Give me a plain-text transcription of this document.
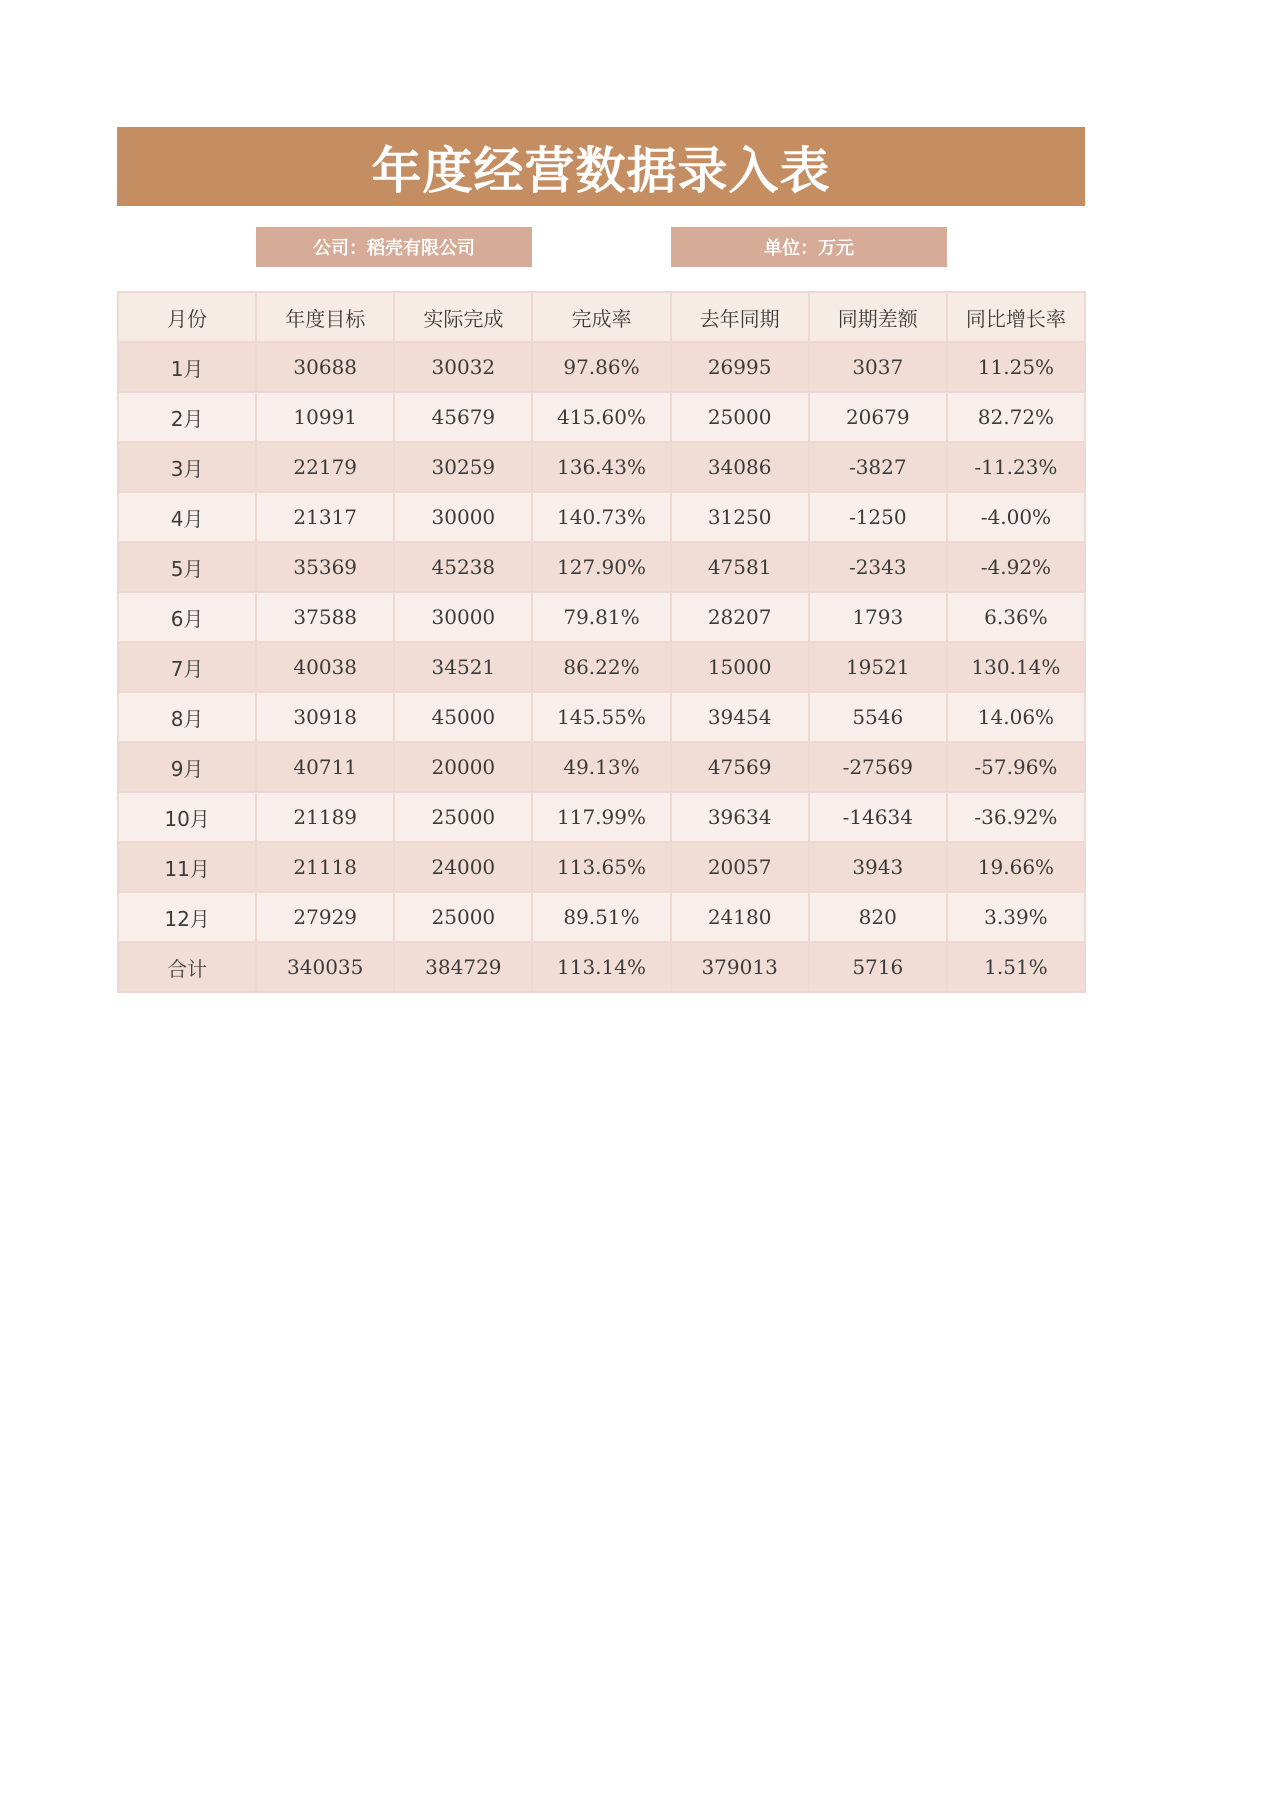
年度经营数据录入表
公司：稻壳有限公司	单位：万元
月份	年度目标	实际完成	完成率	去年同期	同期差额	同比增长率
1月	30688	30032	97.86%	26995	3037	11.25%
2月	10991	45679	415.60%	25000	20679	82.72%
3月	22179	30259	136.43%	34086	-3827	-11.23%
4月	21317	30000	140.73%	31250	-1250	-4.00%
5月	35369	45238	127.90%	47581	-2343	-4.92%
6月	37588	30000	79.81%	28207	1793	6.36%
7月	40038	34521	86.22%	15000	19521	130.14%
8月	30918	45000	145.55%	39454	5546	14.06%
9月	40711	20000	49.13%	47569	-27569	-57.96%
10月	21189	25000	117.99%	39634	-14634	-36.92%
11月	21118	24000	113.65%	20057	3943	19.66%
12月	27929	25000	89.51%	24180	820	3.39%
合计	340035	384729	113.14%	379013	5716	1.51%
